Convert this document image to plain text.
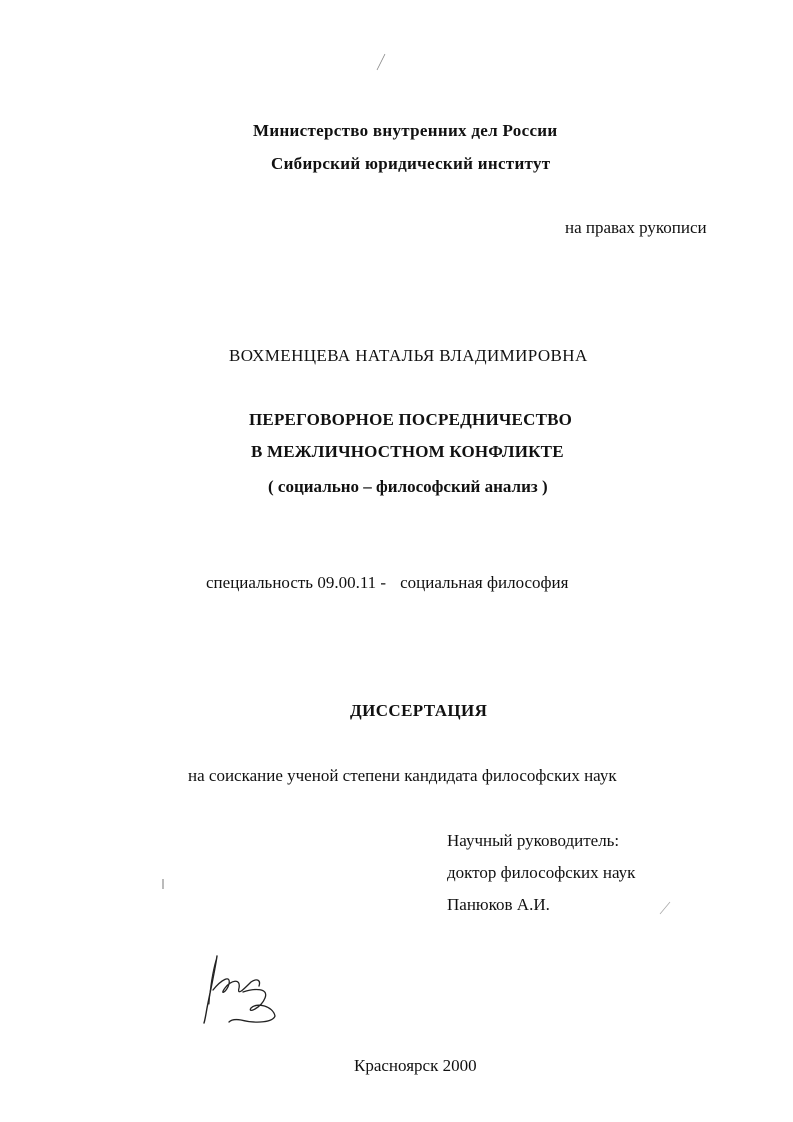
Министерство внутренних дел России
Сибирский юридический институт
на правах рукописи
ВОХМЕНЦЕВА НАТАЛЬЯ ВЛАДИМИРОВНА
ПЕРЕГОВОРНОЕ ПОСРЕДНИЧЕСТВО
В МЕЖЛИЧНОСТНОМ КОНФЛИКТЕ
( социально – философский анализ )
специальность 09.00.11 - социальная философия
ДИССЕРТАЦИЯ
на соискание ученой степени кандидата философских наук
Научный руководитель:
доктор философских наук
Панюков А.И.
Красноярск 2000
